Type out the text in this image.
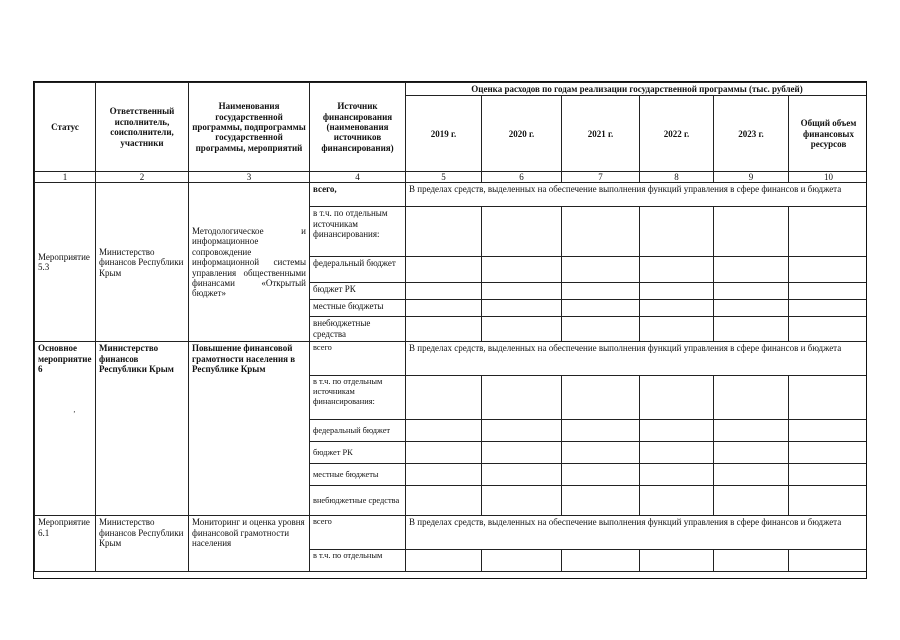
Статус	Ответственный исполнитель, соисполнители, участники	Наименования государственной программы, подпрограммы государственной программы, мероприятий	Источник финансирования (наименования источников финансирования)	Оценка расходов по годам реализации государственной программы (тыс. рублей)					
				2019 г.	2020 г.	2021 г.	2022 г.	2023 г.	Общий объем финансовых ресурсов
1	2	3	4	5	6	7	8	9	10
Мероприятие 5.3	Министерство финансов Республики Крым	Методологическое и информационное сопровождение информационной системы управления общественными финансами «Открытый бюджет»	всего,	В пределах средств, выделенных на обеспечение выполнения функций управления в сфере финансов и бюджета					
			в т.ч. по отдельным источникам финансирования:						
			федеральный бюджет						
			бюджет РК						
			местные бюджеты						
			внебюджетные средства						
Основное мероприятие 6	Министерство финансов Республики Крым	Повышение финансовой грамотности населения в Республике Крым	всего	В пределах средств, выделенных на обеспечение выполнения функций управления в сфере финансов и бюджета					
			в т.ч. по отдельным источникам финансирования:						
			федеральный бюджет						
			бюджет РК						
			местные бюджеты						
			внебюджетные средства						
Мероприятие 6.1	Министерство финансов Республики Крым	Мониторинг и оценка уровня финансовой грамотности населения	всего	В пределах средств, выделенных на обеспечение выполнения функций управления в сфере финансов и бюджета					
			в т.ч. по отдельным						
‚
